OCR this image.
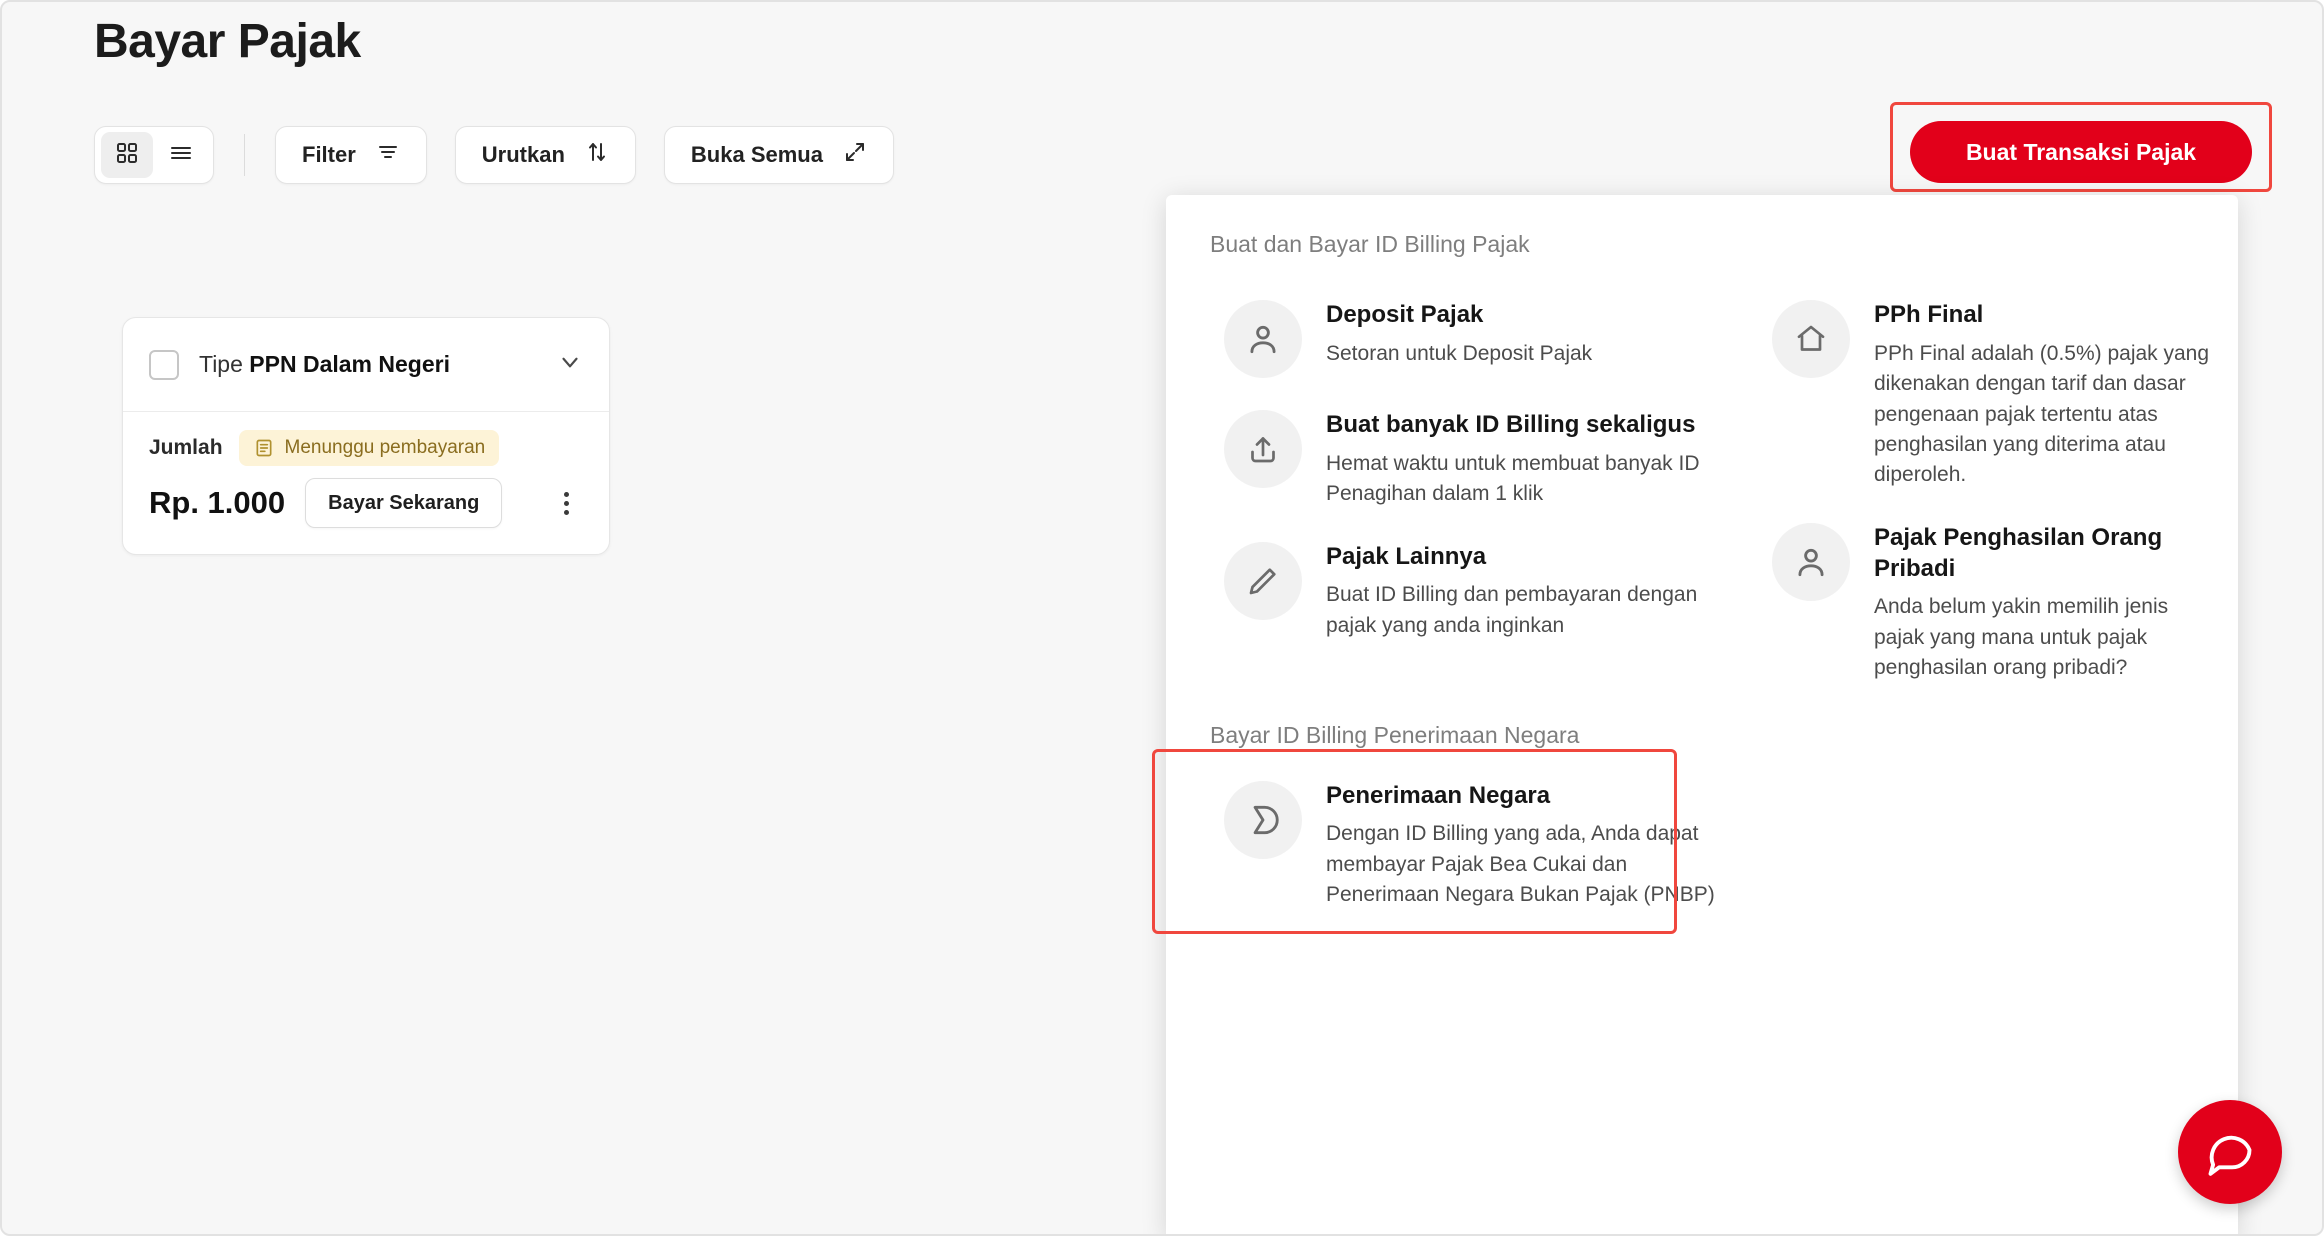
Bayar Pajak
Filter	Urutkan	Buka Semua	Buat Transaksi Pajak
Tipe PPN Dalam Negeri
Jumlah	Menunggu pembayaran
Rp. 1.000	Bayar Sekarang
Buat dan Bayar ID Billing Pajak
Deposit Pajak
Setoran untuk Deposit Pajak
Buat banyak ID Billing sekaligus
Hemat waktu untuk membuat banyak ID Penagihan dalam 1 klik
Pajak Lainnya
Buat ID Billing dan pembayaran dengan pajak yang anda inginkan
PPh Final
PPh Final adalah (0.5%) pajak yang dikenakan dengan tarif dan dasar pengenaan pajak tertentu atas penghasilan yang diterima atau diperoleh.
Pajak Penghasilan Orang Pribadi
Anda belum yakin memilih jenis pajak yang mana untuk pajak penghasilan orang pribadi?
Bayar ID Billing Penerimaan Negara
Penerimaan Negara
Dengan ID Billing yang ada, Anda dapat membayar Pajak Bea Cukai dan Penerimaan Negara Bukan Pajak (PNBP)
